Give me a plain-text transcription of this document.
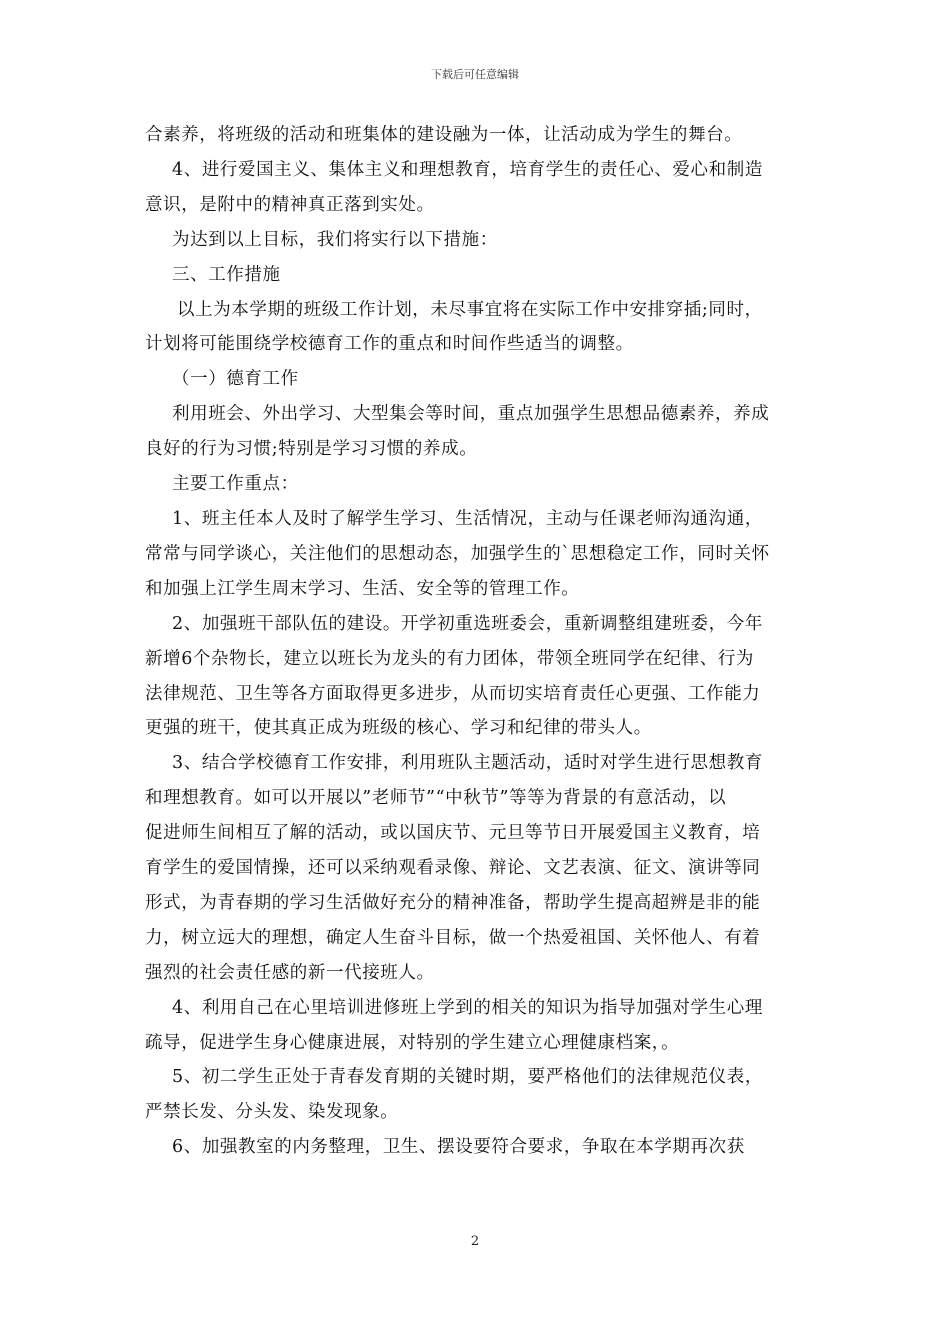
下载后可任意编辑

合素养，将班级的活动和班集体的建设融为一体，让活动成为学生的舞台。

4、进行爱国主义、集体主义和理想教育，培育学生的责任心、爱心和制造

意识，是附中的精神真正落到实处。

为达到以上目标，我们将实行以下措施：

三、工作措施

以上为本学期的班级工作计划，未尽事宜将在实际工作中安排穿插;同时，

计划将可能围绕学校德育工作的重点和时间作些适当的调整。

（一）德育工作

利用班会、外出学习、大型集会等时间，重点加强学生思想品德素养，养成

良好的行为习惯;特别是学习习惯的养成。

主要工作重点：

1、班主任本人及时了解学生学习、生活情况，主动与任课老师沟通沟通，

常常与同学谈心，关注他们的思想动态，加强学生的`思想稳定工作，同时关怀

和加强上江学生周末学习、生活、安全等的管理工作。

2、加强班干部队伍的建设。开学初重选班委会，重新调整组建班委，今年

新增6个杂物长，建立以班长为龙头的有力团体，带领全班同学在纪律、行为

法律规范、卫生等各方面取得更多进步，从而切实培育责任心更强、工作能力

更强的班干，使其真正成为班级的核心、学习和纪律的带头人。

3、结合学校德育工作安排，利用班队主题活动，适时对学生进行思想教育

和理想教育。如可以开展以”老师节”“中秋节”等等为背景的有意活动，以

促进师生间相互了解的活动，或以国庆节、元旦等节日开展爱国主义教育，培

育学生的爱国情操，还可以采纳观看录像、辩论、文艺表演、征文、演讲等同

形式，为青春期的学习生活做好充分的精神准备，帮助学生提高超辨是非的能

力，树立远大的理想，确定人生奋斗目标，做一个热爱祖国、关怀他人、有着

强烈的社会责任感的新一代接班人。

4、利用自己在心里培训进修班上学到的相关的知识为指导加强对学生心理

疏导，促进学生身心健康进展，对特别的学生建立心理健康档案，。

5、初二学生正处于青春发育期的关键时期，要严格他们的法律规范仪表，

严禁长发、分头发、染发现象。

6、加强教室的内务整理，卫生、摆设要符合要求，争取在本学期再次获

2
